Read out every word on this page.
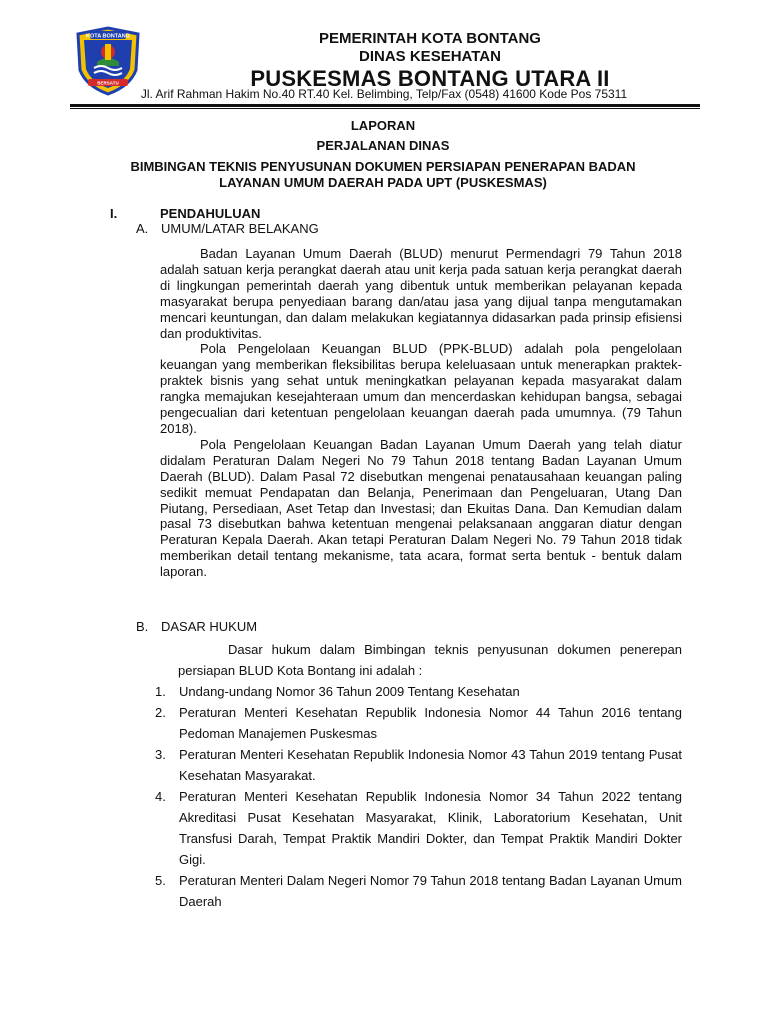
KOTA BONTANG
BERSATU
PEMERINTAH KOTA BONTANG
DINAS KESEHATAN
PUSKESMAS BONTANG UTARA II
Jl. Arif Rahman Hakim No.40 RT.40 Kel. Belimbing, Telp/Fax (0548) 41600 Kode Pos 75311
LAPORAN
PERJALANAN DINAS
BIMBINGAN TEKNIS PENYUSUNAN DOKUMEN PERSIAPAN PENERAPAN BADAN LAYANAN UMUM DAERAH PADA UPT (PUSKESMAS)
I.	PENDAHULUAN
A. UMUM/LATAR BELAKANG

Badan Layanan Umum Daerah (BLUD) menurut Permendagri 79 Tahun 2018 adalah satuan kerja perangkat daerah atau unit kerja pada satuan kerja perangkat daerah di lingkungan pemerintah daerah yang dibentuk untuk memberikan pelayanan kepada masyarakat berupa penyediaan barang dan/atau jasa yang dijual tanpa mengutamakan mencari keuntungan, dan dalam melakukan kegiatannya didasarkan pada prinsip efisiensi dan produktivitas.

Pola Pengelolaan Keuangan BLUD (PPK-BLUD) adalah pola pengelolaan keuangan yang memberikan fleksibilitas berupa keleluasaan untuk menerapkan praktek-praktek bisnis yang sehat untuk meningkatkan pelayanan kepada masyarakat dalam rangka memajukan kesejahteraan umum dan mencerdaskan kehidupan bangsa, sebagai pengecualian dari ketentuan pengelolaan keuangan daerah pada umumnya. (79 Tahun 2018).

Pola Pengelolaan Keuangan Badan Layanan Umum Daerah yang telah diatur didalam Peraturan Dalam Negeri No 79 Tahun 2018 tentang Badan Layanan Umum Daerah (BLUD). Dalam Pasal 72 disebutkan mengenai penatausahaan keuangan paling sedikit memuat Pendapatan dan Belanja, Penerimaan dan Pengeluaran, Utang Dan Piutang, Persediaan, Aset Tetap dan Investasi; dan Ekuitas Dana. Dan Kemudian dalam pasal 73 disebutkan bahwa ketentuan mengenai pelaksanaan anggaran diatur dengan Peraturan Kepala Daerah. Akan tetapi Peraturan Dalam Negeri No. 79 Tahun 2018 tidak memberikan detail tentang mekanisme, tata acara, format serta bentuk - bentuk dalam laporan.

B. DASAR HUKUM

Dasar hukum dalam Bimbingan teknis penyusunan dokumen penerepan persiapan BLUD Kota Bontang ini adalah :

1. Undang-undang Nomor 36 Tahun 2009 Tentang Kesehatan
2. Peraturan Menteri Kesehatan Republik Indonesia Nomor 44 Tahun 2016 tentang Pedoman Manajemen Puskesmas
3. Peraturan Menteri Kesehatan Republik Indonesia Nomor 43 Tahun 2019 tentang Pusat Kesehatan Masyarakat.
4. Peraturan Menteri Kesehatan Republik Indonesia Nomor 34 Tahun 2022 tentang Akreditasi Pusat Kesehatan Masyarakat, Klinik, Laboratorium Kesehatan, Unit Transfusi Darah, Tempat Praktik Mandiri Dokter, dan Tempat Praktik Mandiri Dokter Gigi.
5. Peraturan Menteri Dalam Negeri Nomor 79 Tahun 2018 tentang Badan Layanan Umum Daerah
